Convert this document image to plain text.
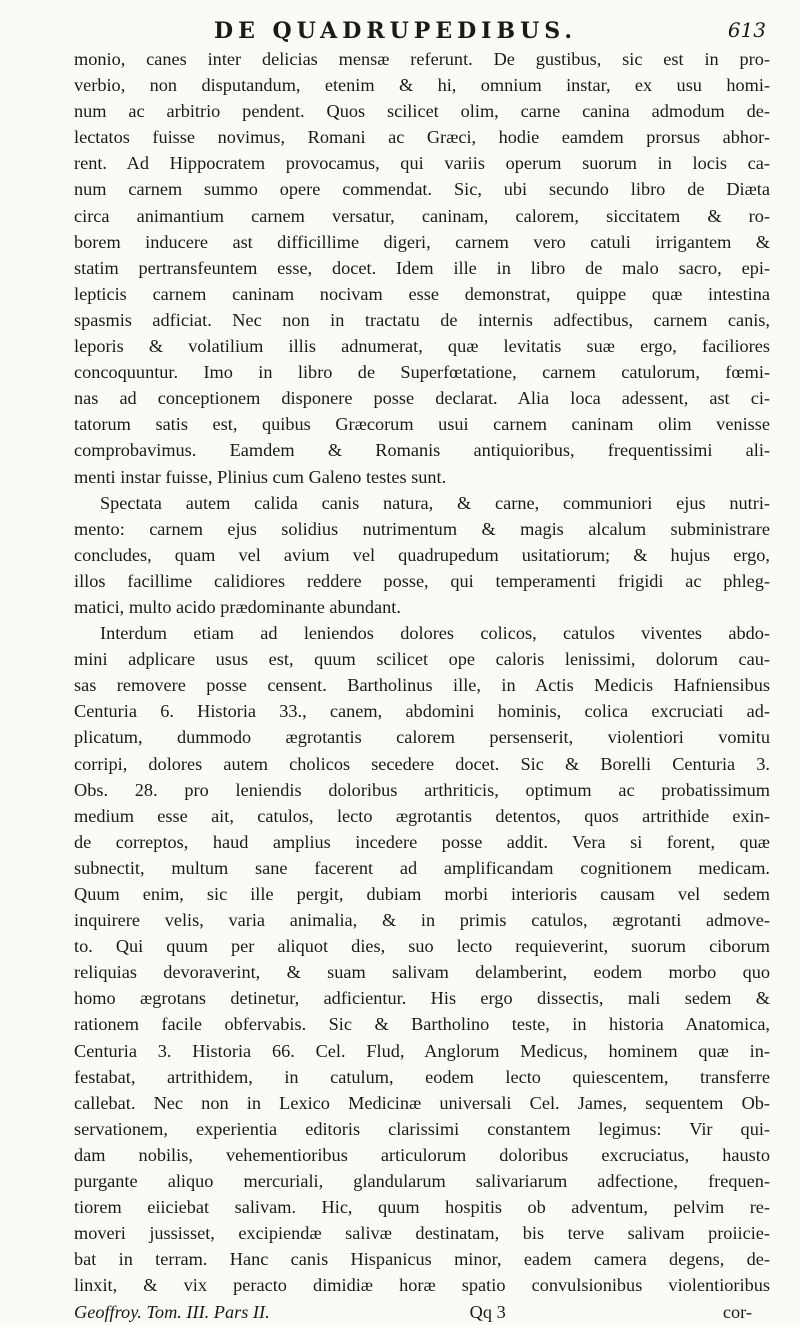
DE QUADRUPEDIBUS.	613
monio, canes inter delicias mensæ referunt. De gustibus, sic est in pro-
verbio, non disputandum, etenim & hi, omnium instar, ex usu homi-
num ac arbitrio pendent. Quos scilicet olim, carne canina admodum de-
lectatos fuisse novimus, Romani ac Græci, hodie eamdem prorsus abhor-
rent. Ad Hippocratem provocamus, qui variis operum suorum in locis ca-
num carnem summo opere commendat. Sic, ubi secundo libro de Diæta
circa animantium carnem versatur, caninam, calorem, siccitatem & ro-
borem inducere ast difficillime digeri, carnem vero catuli irrigantem &
statim pertransfeuntem esse, docet. Idem ille in libro de malo sacro, epi-
lepticis carnem caninam nocivam esse demonstrat, quippe quæ intestina
spasmis adficiat. Nec non in tractatu de internis adfectibus, carnem canis,
leporis & volatilium illis adnumerat, quæ levitatis suæ ergo, faciliores
concoquuntur. Imo in libro de Superfœtatione, carnem catulorum, fœmi-
nas ad conceptionem disponere posse declarat. Alia loca adessent, ast ci-
tatorum satis est, quibus Græcorum usui carnem caninam olim venisse
comprobavimus. Eamdem & Romanis antiquioribus, frequentissimi ali-
menti instar fuisse, Plinius cum Galeno testes sunt.
Spectata autem calida canis natura, & carne, communiori ejus nutri-
mento: carnem ejus solidius nutrimentum & magis alcalum subministrare
concludes, quam vel avium vel quadrupedum usitatiorum; & hujus ergo,
illos facillime calidiores reddere posse, qui temperamenti frigidi ac phleg-
matici, multo acido prædominante abundant.
Interdum etiam ad leniendos dolores colicos, catulos viventes abdo-
mini adplicare usus est, quum scilicet ope caloris lenissimi, dolorum cau-
sas removere posse censent. Bartholinus ille, in Actis Medicis Hafniensibus
Centuria 6. Historia 33., canem, abdomini hominis, colica excruciati ad-
plicatum, dummodo ægrotantis calorem persenserit, violentiori vomitu
corripi, dolores autem cholicos secedere docet. Sic & Borelli Centuria 3.
Obs. 28. pro leniendis doloribus arthriticis, optimum ac probatissimum
medium esse ait, catulos, lecto ægrotantis detentos, quos artrithide exin-
de correptos, haud amplius incedere posse addit. Vera si forent, quæ
subnectit, multum sane facerent ad amplificandam cognitionem medicam.
Quum enim, sic ille pergit, dubiam morbi interioris causam vel sedem
inquirere velis, varia animalia, & in primis catulos, ægrotanti admove-
to. Qui quum per aliquot dies, suo lecto requieverint, suorum ciborum
reliquias devoraverint, & suam salivam delamberint, eodem morbo quo
homo ægrotans detinetur, adficientur. His ergo dissectis, mali sedem &
rationem facile obfervabis. Sic & Bartholino teste, in historia Anatomica,
Centuria 3. Historia 66. Cel. Flud, Anglorum Medicus, hominem quæ in-
festabat, artrithidem, in catulum, eodem lecto quiescentem, transferre
callebat. Nec non in Lexico Medicinæ universali Cel. James, sequentem Ob-
servationem, experientia editoris clarissimi constantem legimus: Vir qui-
dam nobilis, vehementioribus articulorum doloribus excruciatus, hausto
purgante aliquo mercuriali, glandularum salivariarum adfectione, frequen-
tiorem eiiciebat salivam. Hic, quum hospitis ob adventum, pelvim re-
moveri jussisset, excipiendæ salivæ destinatam, bis terve salivam proiicie-
bat in terram. Hanc canis Hispanicus minor, eadem camera degens, de-
linxit, & vix peracto dimidiæ horæ spatio convulsionibus violentioribus
Geoffroy. Tom. III. Pars II.	Qq 3	cor-
